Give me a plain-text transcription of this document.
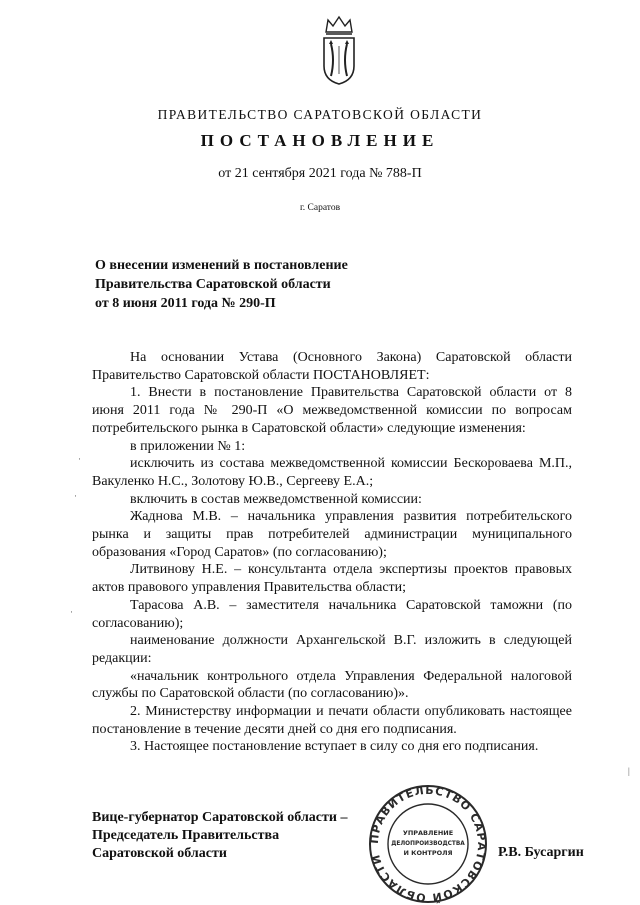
ПРАВИТЕЛЬСТВО САРАТОВСКОЙ ОБЛАСТИ
ПОСТАНОВЛЕНИЕ
от 21 сентября 2021 года № 788-П
г. Саратов
О внесении изменений в постановление
Правительства Саратовской области
от 8 июня 2011 года № 290-П

На основании Устава (Основного Закона) Саратовской области Правительство Саратовской области ПОСТАНОВЛЯЕТ:

1. Внести в постановление Правительства Саратовской области от 8 июня 2011 года № 290-П «О межведомственной комиссии по вопросам потребительского рынка в Саратовской области» следующие изменения:

в приложении № 1:

исключить из состава межведомственной комиссии Бескороваева М.П., Вакуленко Н.С., Золотову Ю.В., Сергееву Е.А.;

включить в состав межведомственной комиссии:

Жаднова М.В. – начальника управления развития потребительского рынка и защиты прав потребителей администрации муниципального образования «Город Саратов» (по согласованию);

Литвинову Н.Е. – консультанта отдела экспертизы проектов правовых актов правового управления Правительства области;

Тарасова А.В. – заместителя начальника Саратовской таможни (по согласованию);

наименование должности Архангельской В.Г. изложить в следующей редакции:

«начальник контрольного отдела Управления Федеральной налоговой службы по Саратовской области (по согласованию)».

2. Министерству информации и печати области опубликовать настоящее постановление в течение десяти дней со дня его подписания.

3. Настоящее постановление вступает в силу со дня его подписания.

Вице-губернатор Саратовской области –
Председатель Правительства
Саратовской области
ПРАВИТЕЛЬСТВО САРАТОВСКОЙ ОБЛАСТИ
УПРАВЛЕНИЕ
ДЕЛОПРОИЗВОДСТВА
И КОНТРОЛЯ	Р.В. Бусаргин
·
·
·
|
